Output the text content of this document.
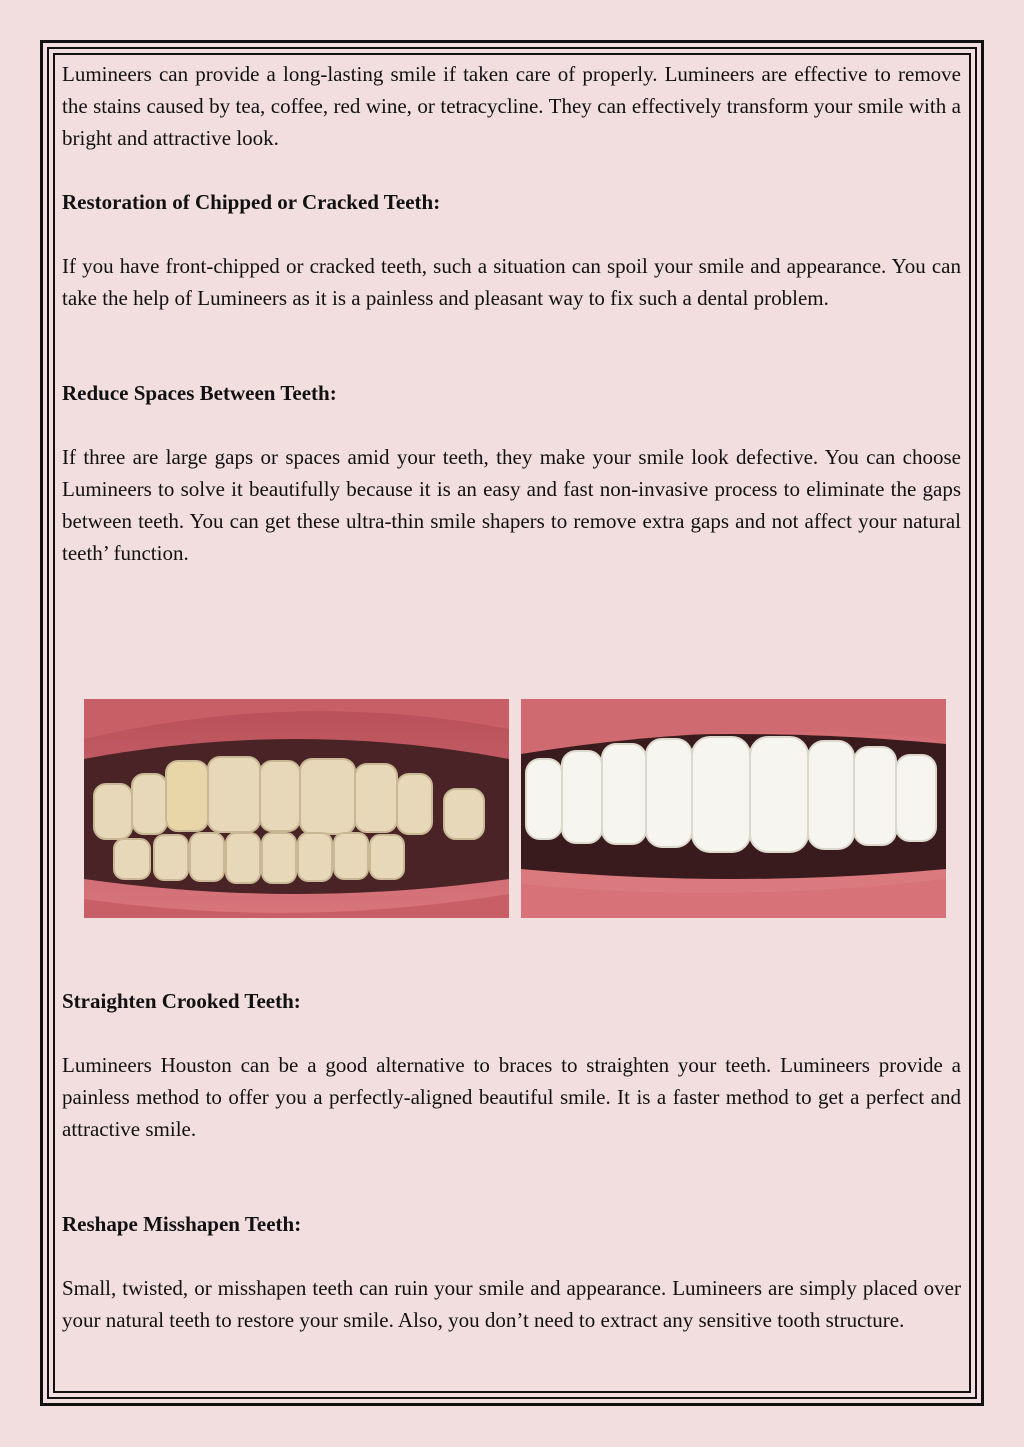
Lumineers can provide a long-lasting smile if taken care of properly. Lumineers are effective to remove the stains caused by tea, coffee, red wine, or tetracycline. They can effectively transform your smile with a bright and attractive look.

Restoration of Chipped or Cracked Teeth:

If you have front-chipped or cracked teeth, such a situation can spoil your smile and appearance. You can take the help of Lumineers as it is a painless and pleasant way to fix such a dental problem.

Reduce Spaces Between Teeth:

If three are large gaps or spaces amid your teeth, they make your smile look defective. You can choose Lumineers to solve it beautifully because it is an easy and fast non-invasive process to eliminate the gaps between teeth. You can get these ultra-thin smile shapers to remove extra gaps and not affect your natural teeth’ function.

Straighten Crooked Teeth:

Lumineers Houston can be a good alternative to braces to straighten your teeth. Lumineers provide a painless method to offer you a perfectly-aligned beautiful smile. It is a faster method to get a perfect and attractive smile.

Reshape Misshapen Teeth:

Small, twisted, or misshapen teeth can ruin your smile and appearance. Lumineers are simply placed over your natural teeth to restore your smile. Also, you don’t need to extract any sensitive tooth structure.
